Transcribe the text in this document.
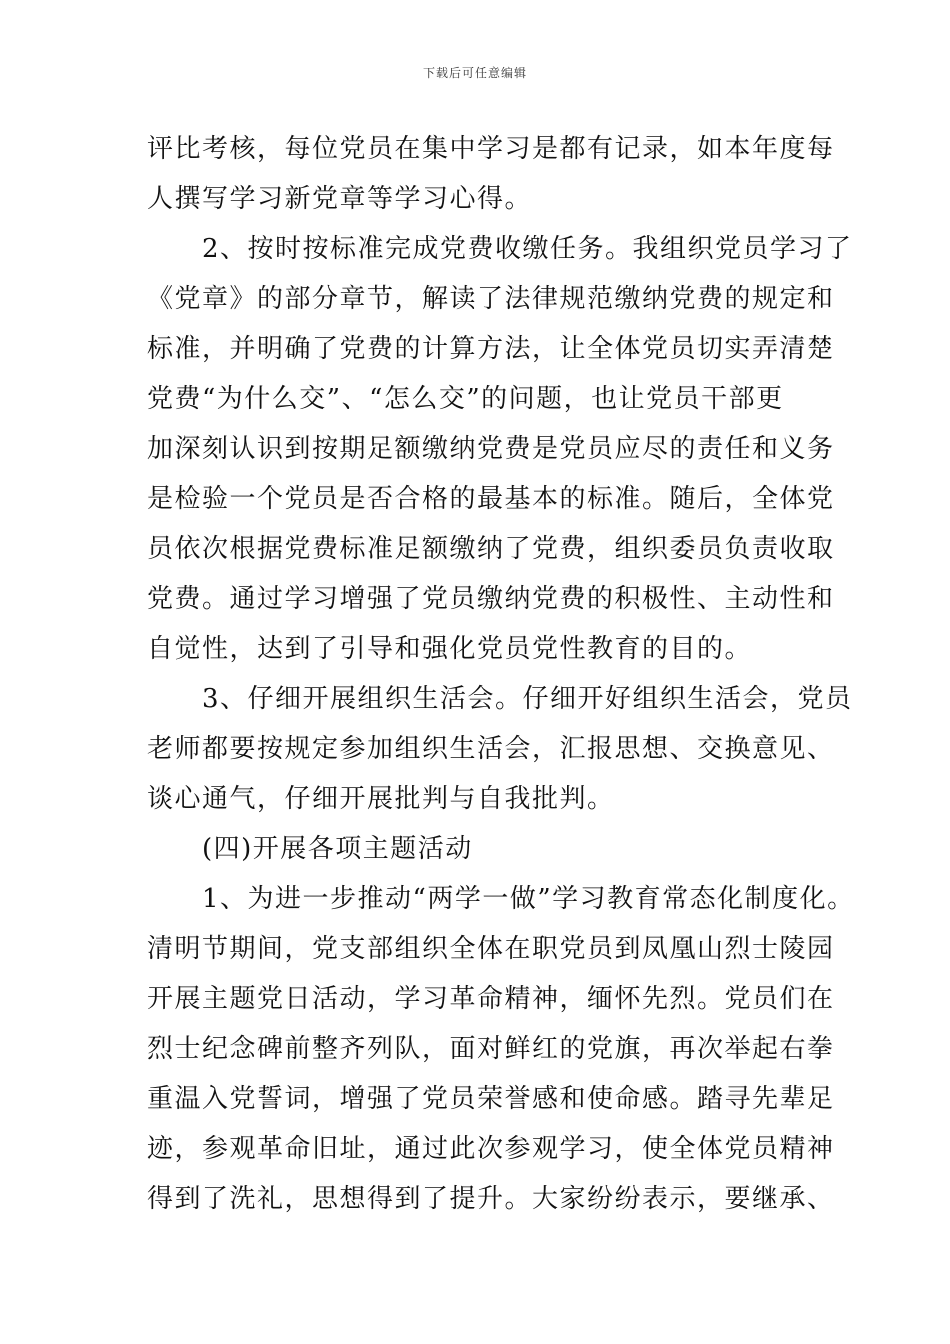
下载后可任意编辑
评比考核，每位党员在集中学习是都有记录，如本年度每
人撰写学习新党章等学习心得。
　　2、按时按标准完成党费收缴任务。我组织党员学习了
《党章》的部分章节，解读了法律规范缴纳党费的规定和
标准，并明确了党费的计算方法，让全体党员切实弄清楚
党费“为什么交”、“怎么交”的问题，也让党员干部更
加深刻认识到按期足额缴纳党费是党员应尽的责任和义务
是检验一个党员是否合格的最基本的标准。随后，全体党
员依次根据党费标准足额缴纳了党费，组织委员负责收取
党费。通过学习增强了党员缴纳党费的积极性、主动性和
自觉性，达到了引导和强化党员党性教育的目的。
　　3、仔细开展组织生活会。仔细开好组织生活会，党员
老师都要按规定参加组织生活会，汇报思想、交换意见、
谈心通气，仔细开展批判与自我批判。
　　(四)开展各项主题活动
　　1、为进一步推动“两学一做”学习教育常态化制度化。
清明节期间，党支部组织全体在职党员到凤凰山烈士陵园
开展主题党日活动，学习革命精神，缅怀先烈。党员们在
烈士纪念碑前整齐列队，面对鲜红的党旗，再次举起右拳
重温入党誓词，增强了党员荣誉感和使命感。踏寻先辈足
迹，参观革命旧址，通过此次参观学习，使全体党员精神
得到了洗礼，思想得到了提升。大家纷纷表示，要继承、
